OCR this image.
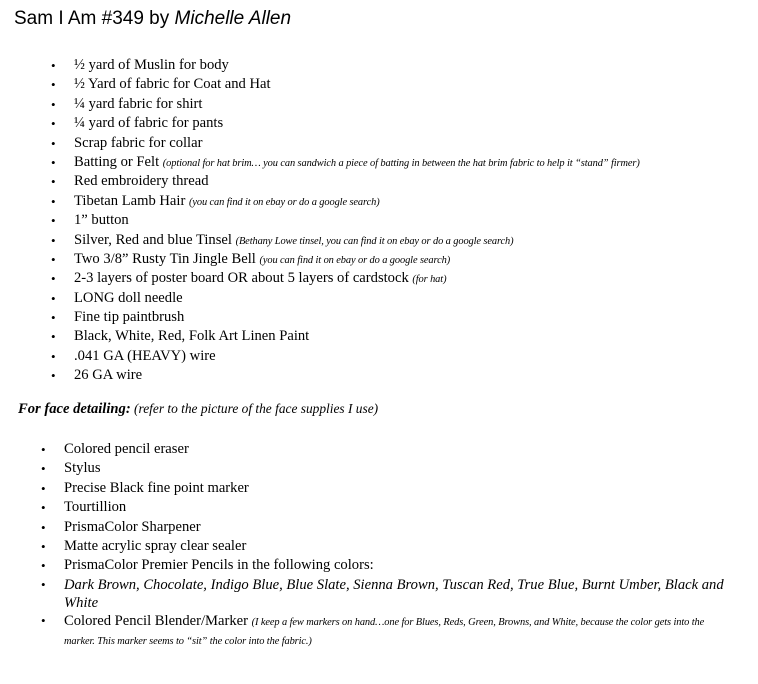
Sam I Am #349 by Michelle Allen
• ½ yard of Muslin for body
• ½ Yard of fabric for Coat and Hat
• ¼ yard fabric for shirt
• ¼ yard of fabric for pants
• Scrap fabric for collar
• Batting or Felt (optional for hat brim… you can sandwich a piece of batting in between the hat brim fabric to help it “stand” firmer)
• Red embroidery thread
• Tibetan Lamb Hair (you can find it on ebay or do a google search)
• 1” button
• Silver, Red and blue Tinsel (Bethany Lowe tinsel, you can find it on ebay or do a google search)
• Two 3/8” Rusty Tin Jingle Bell (you can find it on ebay or do a google search)
• 2-3 layers of poster board OR about 5 layers of cardstock (for hat)
• LONG doll needle
• Fine tip paintbrush
• Black, White, Red, Folk Art Linen Paint
• .041 GA (HEAVY) wire
• 26 GA wire
For face detailing: (refer to the picture of the face supplies I use)
• Colored pencil eraser
• Stylus
• Precise Black fine point marker
• Tourtillion
• PrismaColor Sharpener
• Matte acrylic spray clear sealer
• PrismaColor Premier Pencils in the following colors:
• Dark Brown, Chocolate, Indigo Blue, Blue Slate, Sienna Brown, Tuscan Red, True Blue, Burnt Umber, Black and White
• Colored Pencil Blender/Marker (I keep a few markers on hand…one for Blues, Reds, Green, Browns, and White, because the color gets into the marker. This marker seems to “sit” the color into the fabric.)
